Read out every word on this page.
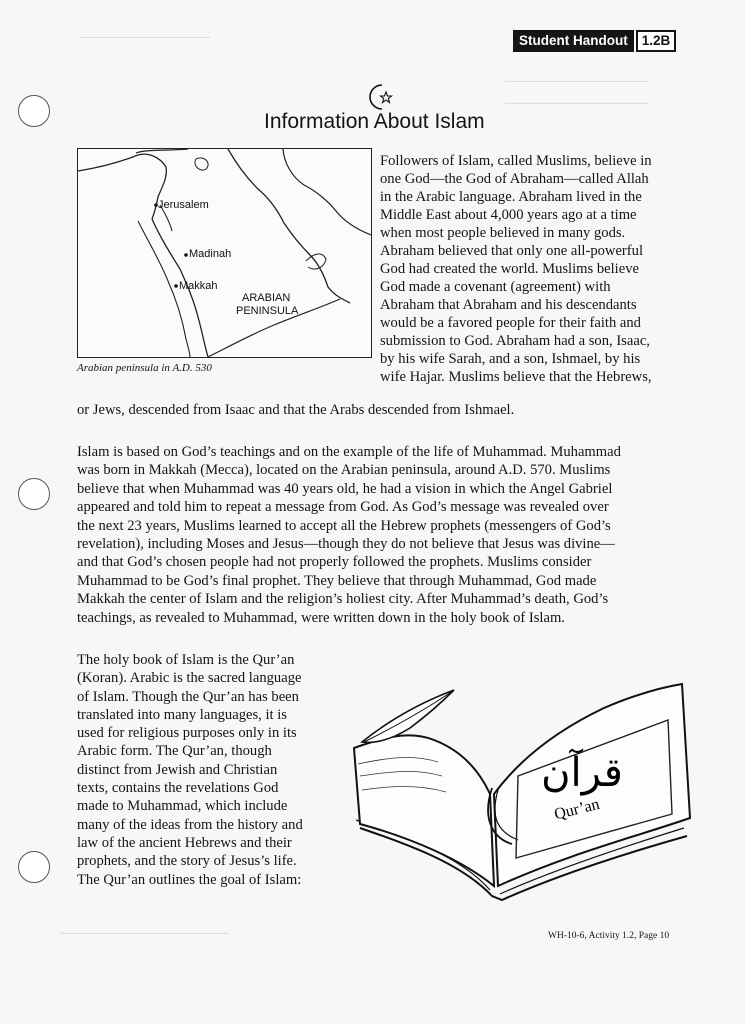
———————————
———————————
——————————
—————————————
Student Handout	1.2B
Information About Islam
Jerusalem
Madinah
Makkah
ARABIAN
PENINSULA
Arabian peninsula in A.D. 530
Followers of Islam, called Muslims, believe in
one God—the God of Abraham—called Allah
in the Arabic language. Abraham lived in the
Middle East about 4,000 years ago at a time
when most people believed in many gods.
Abraham believed that only one all-powerful
God had created the world. Muslims believe
God made a covenant (agreement) with
Abraham that Abraham and his descendants
would be a favored people for their faith and
submission to God. Abraham had a son, Isaac,
by his wife Sarah, and a son, Ishmael, by his
wife Hajar. Muslims believe that the Hebrews,
or Jews, descended from Isaac and that the Arabs descended from Ishmael.
Islam is based on God’s teachings and on the example of the life of Muhammad. Muhammad
was born in Makkah (Mecca), located on the Arabian peninsula, around A.D. 570. Muslims
believe that when Muhammad was 40 years old, he had a vision in which the Angel Gabriel
appeared and told him to repeat a message from God. As God’s message was revealed over
the next 23 years, Muslims learned to accept all the Hebrew prophets (messengers of God’s
revelation), including Moses and Jesus—though they do not believe that Jesus was divine—
and that God’s chosen people had not properly followed the prophets. Muslims consider
Muhammad to be God’s final prophet. They believe that through Muhammad, God made
Makkah the center of Islam and the religion’s holiest city. After Muhammad’s death, God’s
teachings, as revealed to Muhammad, were written down in the holy book of Islam.
The holy book of Islam is the Qur’an
(Koran). Arabic is the sacred language
of Islam. Though the Qur’an has been
translated into many languages, it is
used for religious purposes only in its
Arabic form. The Qur’an, though
distinct from Jewish and Christian
texts, contains the revelations God
made to Muhammad, which include
many of the ideas from the history and
law of the ancient Hebrews and their
prophets, and the story of Jesus’s life.
The Qur’an outlines the goal of Islam:
قرآن
Qur’an
WH-10-6, Activity 1.2, Page 10
